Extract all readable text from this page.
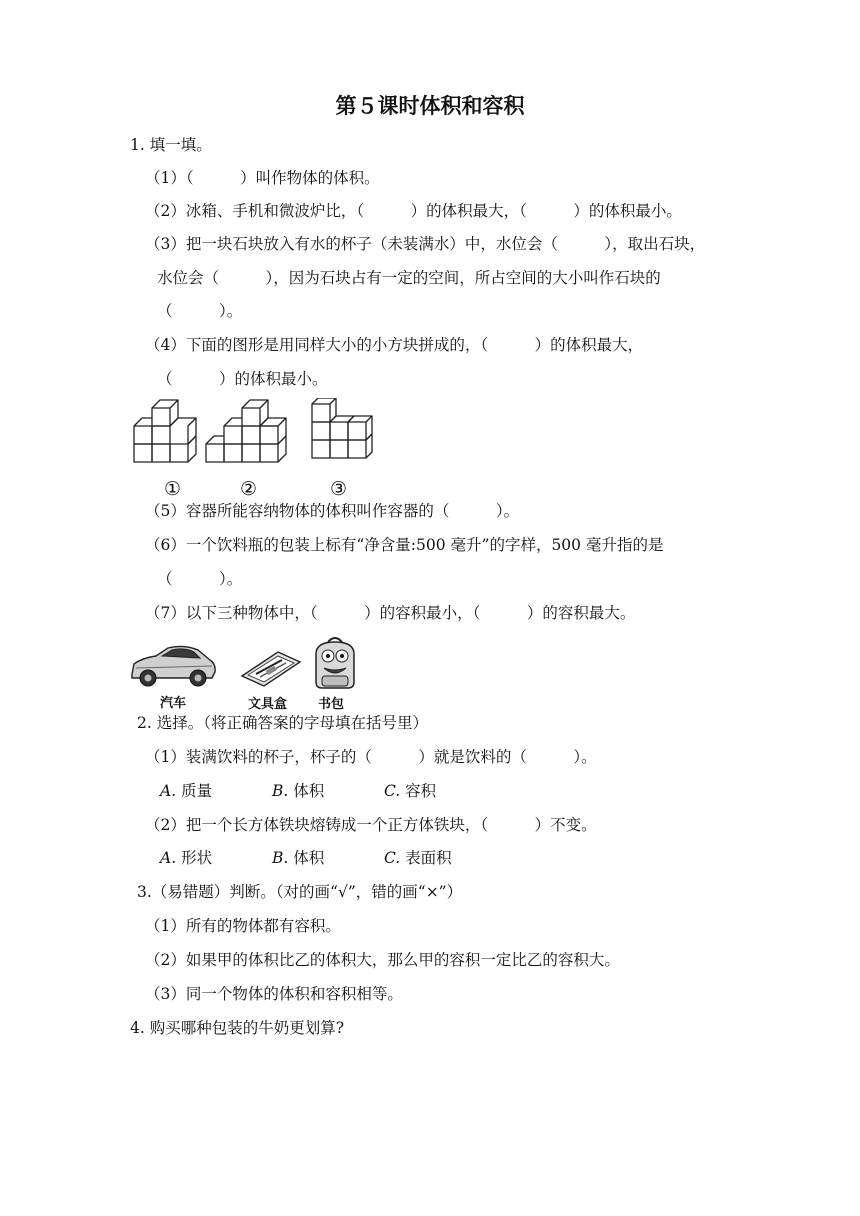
第５课时体积和容积
1. 填一填。
（1）（　　　）叫作物体的体积。
（2）冰箱、手机和微波炉比，（　　　）的体积最大，（　　　）的体积最小。
（3）把一块石块放入有水的杯子（未装满水）中，水位会（　　　），取出石块，
水位会（　　　），因为石块占有一定的空间，所占空间的大小叫作石块的
（　　　）。
（4）下面的图形是用同样大小的小方块拼成的，（　　　）的体积最大，
（　　　）的体积最小。
①	②	③
（5）容器所能容纳物体的体积叫作容器的（　　　）。
（6）一个饮料瓶的包装上标有“净含量:500 毫升”的字样，500 毫升指的是
（　　　）。
（7）以下三种物体中，（　　　）的容积最小，（　　　）的容积最大。
汽车	文具盒 书包
2. 选择。（将正确答案的字母填在括号里）
（1）装满饮料的杯子，杯子的（　　　）就是饮料的（　　　）。
A. 质量	B. 体积	C. 容积
（2）把一个长方体铁块熔铸成一个正方体铁块，（　　　）不变。
A. 形状	B. 体积	C. 表面积
3.（易错题）判断。（对的画“√”，错的画“×”）
（1）所有的物体都有容积。
（2）如果甲的体积比乙的体积大，那么甲的容积一定比乙的容积大。
（3）同一个物体的体积和容积相等。
4. 购买哪种包装的牛奶更划算?
